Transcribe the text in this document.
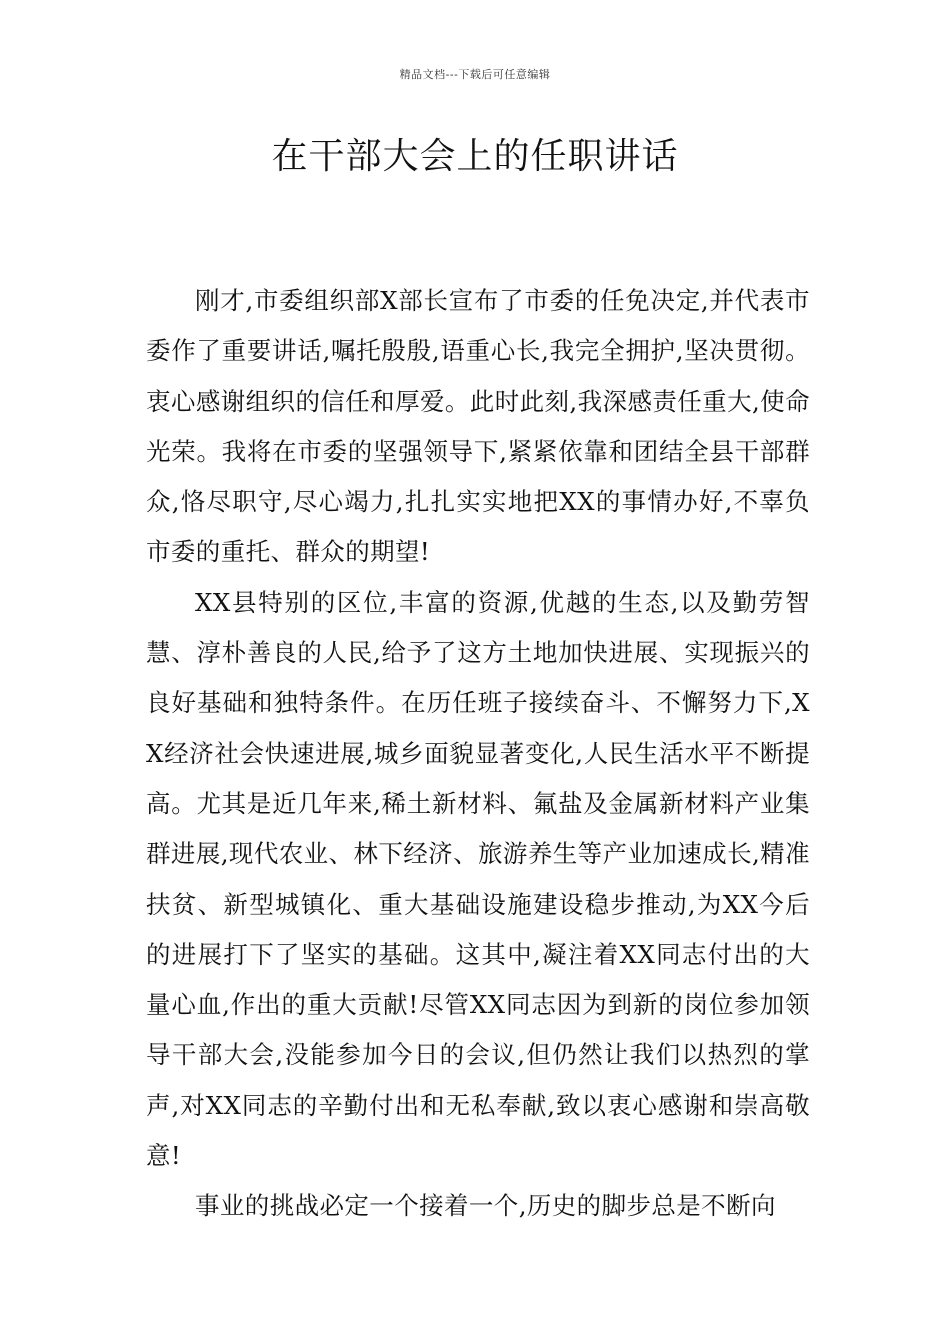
精品文档---下载后可任意编辑
在干部大会上的任职讲话

刚才,市委组织部X部长宣布了市委的任免决定,并代表市委作了重要讲话,嘱托殷殷,语重心长,我完全拥护,坚决贯彻。衷心感谢组织的信任和厚爱。此时此刻,我深感责任重大,使命光荣。我将在市委的坚强领导下,紧紧依靠和团结全县干部群众,恪尽职守,尽心竭力,扎扎实实地把XX的事情办好,不辜负市委的重托、群众的期望!

XX县特别的区位,丰富的资源,优越的生态,以及勤劳智慧、淳朴善良的人民,给予了这方土地加快进展、实现振兴的良好基础和独特条件。在历任班子接续奋斗、不懈努力下,XX经济社会快速进展,城乡面貌显著变化,人民生活水平不断提高。尤其是近几年来,稀土新材料、氟盐及金属新材料产业集群进展,现代农业、林下经济、旅游养生等产业加速成长,精准扶贫、新型城镇化、重大基础设施建设稳步推动,为XX今后的进展打下了坚实的基础。这其中,凝注着XX同志付出的大量心血,作出的重大贡献!尽管XX同志因为到新的岗位参加领导干部大会,没能参加今日的会议,但仍然让我们以热烈的掌声,对XX同志的辛勤付出和无私奉献,致以衷心感谢和崇高敬意!

事业的挑战必定一个接着一个,历史的脚步总是不断向
